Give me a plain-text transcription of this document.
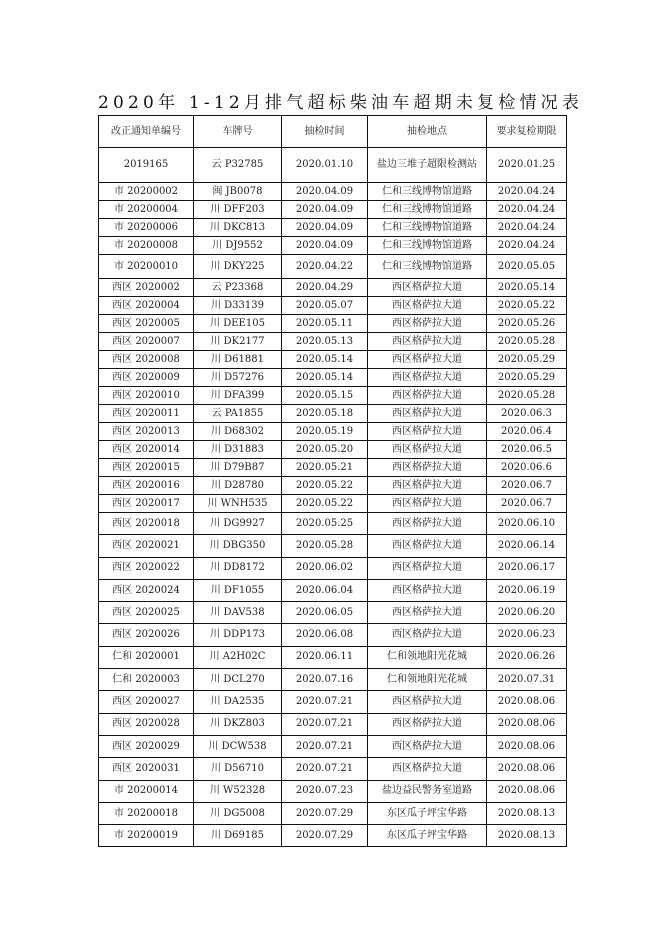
2020年 1-12月排气超标柴油车超期未复检情况表
改正通知单编号	车牌号	抽检时间	抽检地点	要求复检期限
2019165	云 P32785	2020.01.10	盐边三堆子超限检测站	2020.01.25
市 20200002	闽 JB0078	2020.04.09	仁和三线博物馆道路	2020.04.24
市 20200004	川 DFF203	2020.04.09	仁和三线博物馆道路	2020.04.24
市 20200006	川 DKC813	2020.04.09	仁和三线博物馆道路	2020.04.24
市 20200008	川 DJ9552	2020.04.09	仁和三线博物馆道路	2020.04.24
市 20200010	川 DKY225	2020.04.22	仁和三线博物馆道路	2020.05.05
西区 2020002	云 P23368	2020.04.29	西区格萨拉大道	2020.05.14
西区 2020004	川 D33139	2020.05.07	西区格萨拉大道	2020.05.22
西区 2020005	川 DEE105	2020.05.11	西区格萨拉大道	2020.05.26
西区 2020007	川 DK2177	2020.05.13	西区格萨拉大道	2020.05.28
西区 2020008	川 D61881	2020.05.14	西区格萨拉大道	2020.05.29
西区 2020009	川 D57276	2020.05.14	西区格萨拉大道	2020.05.29
西区 2020010	川 DFA399	2020.05.15	西区格萨拉大道	2020.05.28
西区 2020011	云 PA1855	2020.05.18	西区格萨拉大道	2020.06.3
西区 2020013	川 D68302	2020.05.19	西区格萨拉大道	2020.06.4
西区 2020014	川 D31883	2020.05.20	西区格萨拉大道	2020.06.5
西区 2020015	川 D79B87	2020.05.21	西区格萨拉大道	2020.06.6
西区 2020016	川 D28780	2020.05.22	西区格萨拉大道	2020.06.7
西区 2020017	川 WNH535	2020.05.22	西区格萨拉大道	2020.06.7
西区 2020018	川 DG9927	2020.05.25	西区格萨拉大道	2020.06.10
西区 2020021	川 DBG350	2020.05.28	西区格萨拉大道	2020.06.14
西区 2020022	川 DD8172	2020.06.02	西区格萨拉大道	2020.06.17
西区 2020024	川 DF1055	2020.06.04	西区格萨拉大道	2020.06.19
西区 2020025	川 DAV538	2020.06.05	西区格萨拉大道	2020.06.20
西区 2020026	川 DDP173	2020.06.08	西区格萨拉大道	2020.06.23
仁和 2020001	川 A2H02C	2020.06.11	仁和领地阳光花城	2020.06.26
仁和 2020003	川 DCL270	2020.07.16	仁和领地阳光花城	2020.07.31
西区 2020027	川 DA2535	2020.07.21	西区格萨拉大道	2020.08.06
西区 2020028	川 DKZ803	2020.07.21	西区格萨拉大道	2020.08.06
西区 2020029	川 DCW538	2020.07.21	西区格萨拉大道	2020.08.06
西区 2020031	川 D56710	2020.07.21	西区格萨拉大道	2020.08.06
市 20200014	川 W52328	2020.07.23	盐边益民警务室道路	2020.08.06
市 20200018	川 DG5008	2020.07.29	东区瓜子坪宝华路	2020.08.13
市 20200019	川 D69185	2020.07.29	东区瓜子坪宝华路	2020.08.13
